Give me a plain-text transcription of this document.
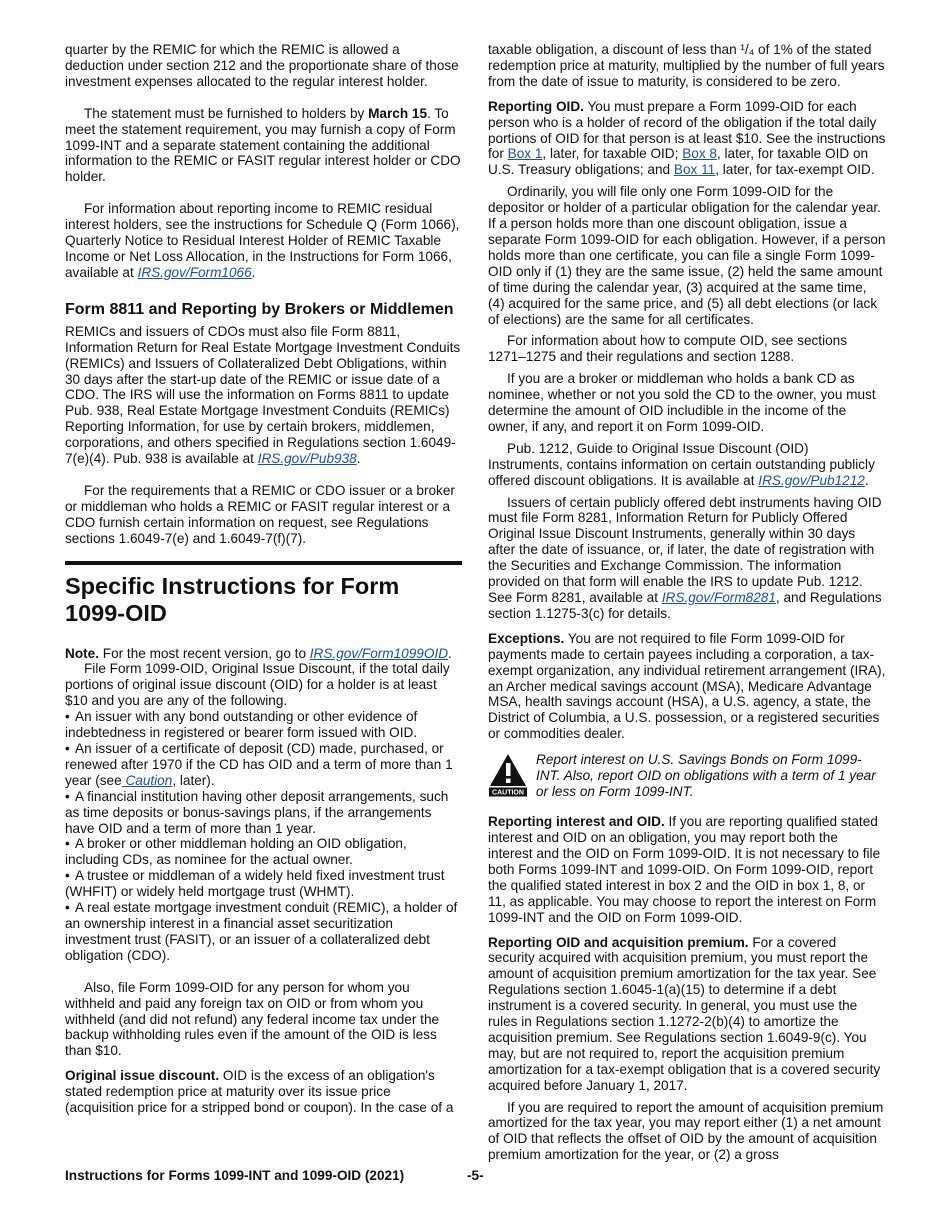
quarter by the REMIC for which the REMIC is allowed a deduction under section 212 and the proportionate share of those investment expenses allocated to the regular interest holder.

The statement must be furnished to holders by March 15. To meet the statement requirement, you may furnish a copy of Form 1099-INT and a separate statement containing the additional information to the REMIC or FASIT regular interest holder or CDO holder.

For information about reporting income to REMIC residual interest holders, see the instructions for Schedule Q (Form 1066), Quarterly Notice to Residual Interest Holder of REMIC Taxable Income or Net Loss Allocation, in the Instructions for Form 1066, available at IRS.gov/Form1066.

Form 8811 and Reporting by Brokers or Middlemen

REMICs and issuers of CDOs must also file Form 8811, Information Return for Real Estate Mortgage Investment Conduits (REMICs) and Issuers of Collateralized Debt Obligations, within 30 days after the start-up date of the REMIC or issue date of a CDO. The IRS will use the information on Forms 8811 to update Pub. 938, Real Estate Mortgage Investment Conduits (REMICs) Reporting Information, for use by certain brokers, middlemen, corporations, and others specified in Regulations section 1.6049-7(e)(4). Pub. 938 is available at IRS.gov/Pub938.

For the requirements that a REMIC or CDO issuer or a broker or middleman who holds a REMIC or FASIT regular interest or a CDO furnish certain information on request, see Regulations sections 1.6049-7(e) and 1.6049-7(f)(7).

Specific Instructions for Form 1099-OID

Note. For the most recent version, go to IRS.gov/Form1099OID.

File Form 1099-OID, Original Issue Discount, if the total daily portions of original issue discount (OID) for a holder is at least $10 and you are any of the following.

• An issuer with any bond outstanding or other evidence of indebtedness in registered or bearer form issued with OID.

• An issuer of a certificate of deposit (CD) made, purchased, or renewed after 1970 if the CD has OID and a term of more than 1 year (see Caution, later).

• A financial institution having other deposit arrangements, such as time deposits or bonus-savings plans, if the arrangements have OID and a term of more than 1 year.

• A broker or other middleman holding an OID obligation, including CDs, as nominee for the actual owner.

• A trustee or middleman of a widely held fixed investment trust (WHFIT) or widely held mortgage trust (WHMT).

• A real estate mortgage investment conduit (REMIC), a holder of an ownership interest in a financial asset securitization investment trust (FASIT), or an issuer of a collateralized debt obligation (CDO).

Also, file Form 1099-OID for any person for whom you withheld and paid any foreign tax on OID or from whom you withheld (and did not refund) any federal income tax under the backup withholding rules even if the amount of the OID is less than $10.

Original issue discount. OID is the excess of an obligation's stated redemption price at maturity over its issue price (acquisition price for a stripped bond or coupon). In the case of a

taxable obligation, a discount of less than ¹/₄ of 1% of the stated redemption price at maturity, multiplied by the number of full years from the date of issue to maturity, is considered to be zero.

Reporting OID. You must prepare a Form 1099-OID for each person who is a holder of record of the obligation if the total daily portions of OID for that person is at least $10. See the instructions for Box 1, later, for taxable OID; Box 8, later, for taxable OID on U.S. Treasury obligations; and Box 11, later, for tax-exempt OID.

Ordinarily, you will file only one Form 1099-OID for the depositor or holder of a particular obligation for the calendar year. If a person holds more than one discount obligation, issue a separate Form 1099-OID for each obligation. However, if a person holds more than one certificate, you can file a single Form 1099-OID only if (1) they are the same issue, (2) held the same amount of time during the calendar year, (3) acquired at the same time, (4) acquired for the same price, and (5) all debt elections (or lack of elections) are the same for all certificates.

For information about how to compute OID, see sections 1271–1275 and their regulations and section 1288.

If you are a broker or middleman who holds a bank CD as nominee, whether or not you sold the CD to the owner, you must determine the amount of OID includible in the income of the owner, if any, and report it on Form 1099-OID.

Pub. 1212, Guide to Original Issue Discount (OID) Instruments, contains information on certain outstanding publicly offered discount obligations. It is available at IRS.gov/Pub1212.

Issuers of certain publicly offered debt instruments having OID must file Form 8281, Information Return for Publicly Offered Original Issue Discount Instruments, generally within 30 days after the date of issuance, or, if later, the date of registration with the Securities and Exchange Commission. The information provided on that form will enable the IRS to update Pub. 1212. See Form 8281, available at IRS.gov/Form8281, and Regulations section 1.1275-3(c) for details.

Exceptions. You are not required to file Form 1099-OID for payments made to certain payees including a corporation, a tax-exempt organization, any individual retirement arrangement (IRA), an Archer medical savings account (MSA), Medicare Advantage MSA, health savings account (HSA), a U.S. agency, a state, the District of Columbia, a U.S. possession, or a registered securities or commodities dealer.

CAUTION

Report interest on U.S. Savings Bonds on Form 1099-INT. Also, report OID on obligations with a term of 1 year or less on Form 1099-INT.

Reporting interest and OID. If you are reporting qualified stated interest and OID on an obligation, you may report both the interest and the OID on Form 1099-OID. It is not necessary to file both Forms 1099-INT and 1099-OID. On Form 1099-OID, report the qualified stated interest in box 2 and the OID in box 1, 8, or 11, as applicable. You may choose to report the interest on Form 1099-INT and the OID on Form 1099-OID.

Reporting OID and acquisition premium. For a covered security acquired with acquisition premium, you must report the amount of acquisition premium amortization for the tax year. See Regulations section 1.6045-1(a)(15) to determine if a debt instrument is a covered security. In general, you must use the rules in Regulations section 1.1272-2(b)(4) to amortize the acquisition premium. See Regulations section 1.6049-9(c). You may, but are not required to, report the acquisition premium amortization for a tax-exempt obligation that is a covered security acquired before January 1, 2017.

If you are required to report the amount of acquisition premium amortized for the tax year, you may report either (1) a net amount of OID that reflects the offset of OID by the amount of acquisition premium amortization for the year, or (2) a gross

Instructions for Forms 1099-INT and 1099-OID (2021)	-5-
